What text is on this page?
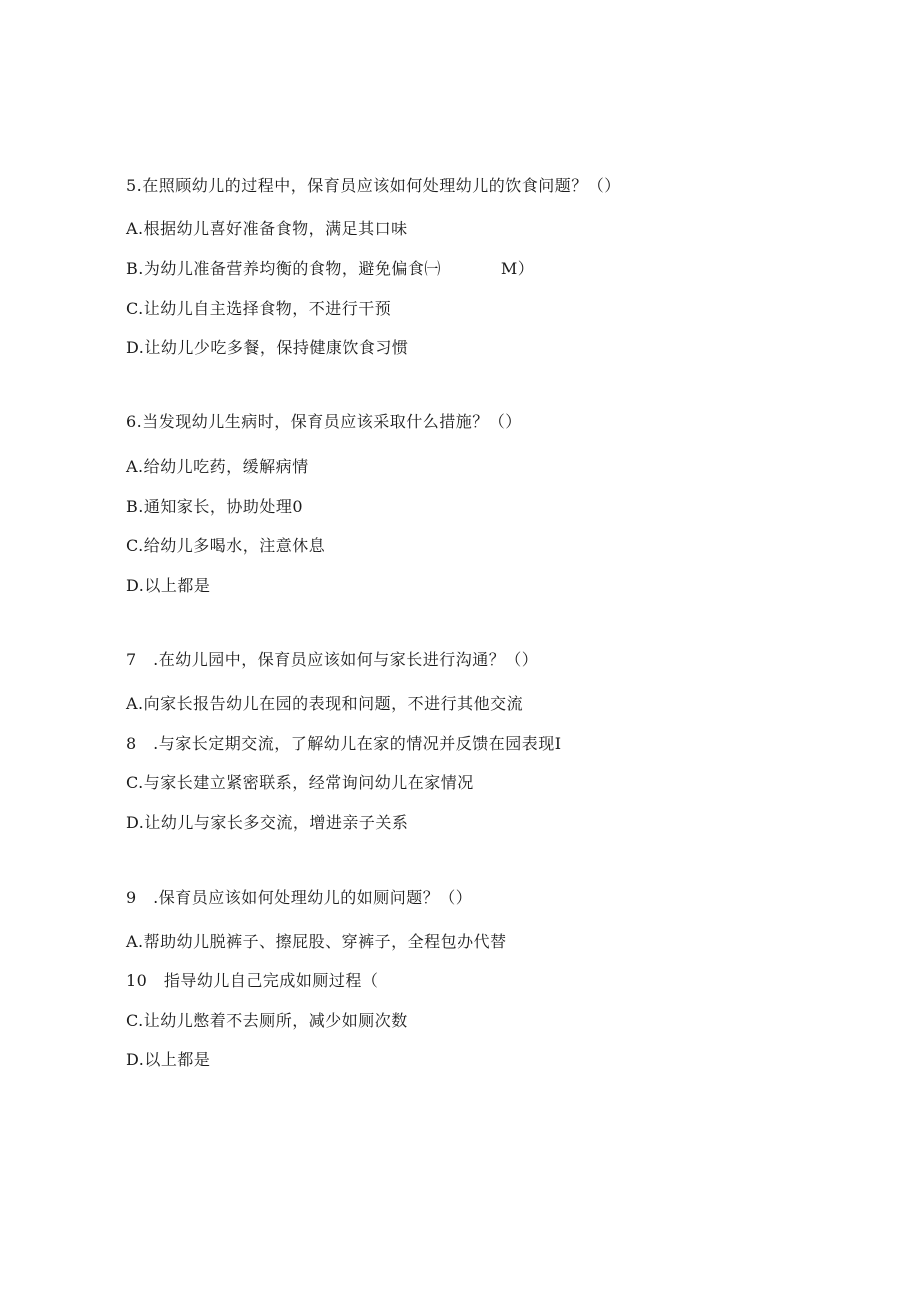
5.在照顾幼儿的过程中，保育员应该如何处理幼儿的饮食问题？（）
A.根据幼儿喜好准备食物，满足其口味
B.为幼儿准备营养均衡的食物，避免偏食㈠	M）
C.让幼儿自主选择食物，不进行干预
D.让幼儿少吃多餐，保持健康饮食习惯
6.当发现幼儿生病时，保育员应该采取什么措施？（）
A.给幼儿吃药，缓解病情
B.通知家长，协助处理0
C.给幼儿多喝水，注意休息
D.以上都是
7　.在幼儿园中，保育员应该如何与家长进行沟通？（）
A.向家长报告幼儿在园的表现和问题，不进行其他交流
8　.与家长定期交流，了解幼儿在家的情况并反馈在园表现I
C.与家长建立紧密联系，经常询问幼儿在家情况
D.让幼儿与家长多交流，增进亲子关系
9　.保育员应该如何处理幼儿的如厕问题？（）
A.帮助幼儿脱裤子、擦屁股、穿裤子，全程包办代替
10　指导幼儿自己完成如厕过程（
C.让幼儿憋着不去厕所，减少如厕次数
D.以上都是
